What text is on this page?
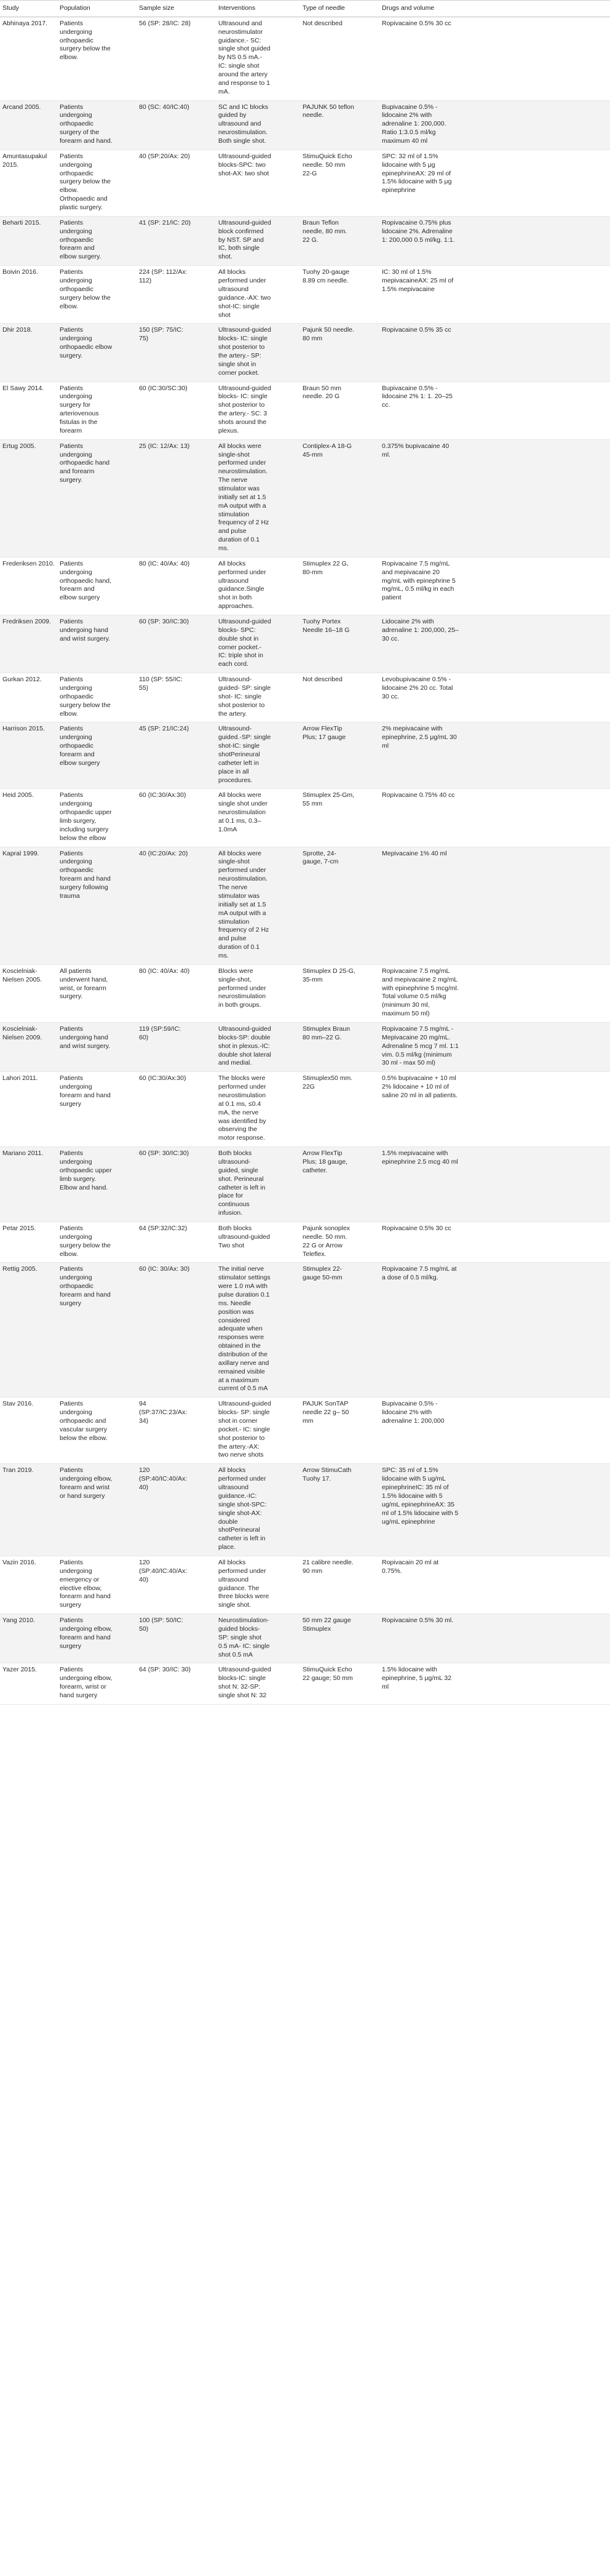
Study	Population	Sample size	Interventions	Type of needle	Drugs and volume

Abhinaya 2017.	Patients undergoing orthopaedic surgery below the elbow.	56 (SP: 28/IC: 28)	Ultrasound and neurostimulator guidance.- SC: single shot guided by NS 0.5 mA.- IC: single shot around the artery and response to 1 mA.	Not described	Ropivacaine 0.5% 30 cc

Arcand 2005.	Patients undergoing orthopaedic surgery of the forearm and hand.	80 (SC: 40/IC:40)	SC and IC blocks guided by ultrasound and neurostimulation. Both single shot.	PAJUNK 50 teflon needle.	Bupivacaine 0.5% - lidocaine 2% with adrenaline 1: 200,000. Ratio 1:3.0.5 ml/kg maximum 40 ml

Amuntasupakul 2015.	Patients undergoing orthopaedic surgery below the elbow. Orthopaedic and plastic surgery.	40 (SP:20/Ax: 20)	Ultrasound-guided blocks-SPC: two shot-AX: two shot	StimuQuick Echo needle. 50 mm 22-G	SPC: 32 ml of 1.5% lidocaine with 5 μg epinephrineAX: 29 ml of 1.5% lidocaine with 5 μg epinephrine

Beharti 2015.	Patients undergoing orthopaedic forearm and elbow surgery.	41 (SP: 21/IC: 20)	Ultrasound-guided block confirmed by NST. SP and IC, both single shot.	Braun Teflon needle, 80 mm. 22 G.	Ropivacaine 0.75% plus lidocaine 2%. Adrenaline 1: 200,000 0.5 ml/kg. 1:1.

Boivin 2016.	Patients undergoing orthopaedic surgery below the elbow.	224 (SP: 112/Ax: 112)	All blocks performed under ultrasound guidance.-AX: two shot-IC: single shot	Tuohy 20-gauge 8.89 cm needle.	IC: 30 ml of 1.5% mepivacaineAX: 25 ml of 1.5% mepivacaine

Dhir 2018.	Patients undergoing orthopaedic elbow surgery.	150 (SP: 75/IC: 75)	Ultrasound-guided blocks- IC: single shot posterior to the artery.- SP: single shot in corner pocket.	Pajunk 50 needle. 80 mm	Ropivacaine 0.5% 35 cc

El Sawy 2014.	Patients undergoing surgery for arteriovenous fistulas in the forearm	60 (IC:30/SC:30)	Ultrasound-guided blocks- IC: single shot posterior to the artery.- SC: 3 shots around the plexus.	Braun 50 mm needle. 20 G	Bupivacaine 0.5% - lidocaine 2% 1: 1. 20–25 cc.

Ertug 2005.	Patients undergoing orthopaedic hand and forearm surgery.	25 (IC: 12/Ax: 13)	All blocks were single-shot performed under neurostimulation. The nerve stimulator was initially set at 1.5 mA output with a stimulation frequency of 2 Hz and pulse duration of 0.1 ms.	Contiplex-A 18-G 45-mm	0.375% bupivacaine 40 ml.

Frederiksen 2010.	Patients undergoing orthopaedic hand, forearm and elbow surgery	80 (IC: 40/Ax: 40)	All blocks performed under ultrasound guidance.Single shot in both approaches.	Stimuplex 22 G, 80-mm	Ropivacaine 7.5 mg/mL and mepivacaine 20 mg/mL with epinephrine 5 mg/mL, 0.5 ml/kg in each patient

Fredriksen 2009.	Patients undergoing hand and wrist surgery.	60 (SP: 30/IC:30)	Ultrasound-guided blocks- SPC: double shot in corner pocket.- IC: triple shot in each cord.	Tuohy Portex Needle 16–18 G	Lidocaine 2% with adrenaline 1: 200,000, 25–30 cc.

Gurkan 2012.	Patients undergoing orthopaedic surgery below the elbow.	110 (SP: 55/IC: 55)	Ultrasound-guided- SP: single shot- IC: single shot posterior to the artery.	Not described	Levobupivacaine 0.5% - lidocaine 2% 20 cc. Total 30 cc.

Harrison 2015.	Patients undergoing orthopaedic forearm and elbow surgery	45 (SP: 21/IC:24)	Ultrasound-guided.-SP: single shot-IC: single shotPerineural catheter left in place in all procedures.	Arrow FlexTip Plus; 17 gauge	2% mepivacaine with epinephrine, 2.5 μg/mL 30 ml

Heid 2005.	Patients undergoing orthopaedic upper limb surgery, including surgery below the elbow	60 (IC:30/Ax:30)	All blocks were single shot under neurostimulation at 0.1 ms, 0.3–1.0mA	Stimuplex 25-Gm, 55 mm	Ropivacaine 0.75% 40 cc

Kapral 1999.	Patients undergoing orthopaedic forearm and hand surgery following trauma	40 (IC:20/Ax: 20)	All blocks were single-shot performed under neurostimulation. The nerve stimulator was initially set at 1.5 mA output with a stimulation frequency of 2 Hz and pulse duration of 0.1 ms.	Sprotte, 24-gauge, 7-cm	Mepivacaine 1% 40 ml

Koscielniak-Nielsen 2005.	All patients underwent hand, wrist, or forearm surgery.	80 (IC: 40/Ax: 40)	Blocks were single-shot, performed under neurostimulation in both groups.	Stimuplex D 25-G, 35-mm	Ropivacaine 7.5 mg/mL and mepivacaine 2 mg/mL with epinephrine 5 mcg/ml. Total volume 0.5 ml/kg (minimum 30 ml, maximum 50 ml)

Koscielniak-Nielsen 2009.	Patients undergoing hand and wrist surgery.	119 (SP:59/IC: 60)	Ultrasound-guided blocks-SP: double shot in plexus.-IC: double shot lateral and medial.	Stimuplex Braun 80 mm–22 G.	Ropivacaine 7.5 mg/mL - Mepivacaine 20 mg/mL. Adrenaline 5 mcg 7 ml. 1:1 vim. 0.5 ml/kg (minimum 30 ml - max 50 ml)

Lahori 2011.	Patients undergoing forearm and hand surgery	60 (IC:30/Ax:30)	The blocks were performed under neurostimulation at 0.1 ms, ≤0.4 mA, the nerve was identified by observing the motor response.	Stimuplex50 mm. 22G	0.5% bupivacaine + 10 ml 2% lidocaine + 10 ml of saline 20 ml in all patients.

Mariano 2011.	Patients undergoing orthopaedic upper limb surgery. Elbow and hand.	60 (SP: 30/IC:30)	Both blocks ultrasound-guided, single shot. Perineural catheter is left in place for continuous infusion.	Arrow FlexTip Plus; 18 gauge, catheter.	1.5% mepivacaine with epinephrine 2.5 mcg 40 ml

Petar 2015.	Patients undergoing surgery below the elbow.	64 (SP:32/IC:32)	Both blocks ultrasound-guided Two shot	Pajunk sonoplex needle. 50 mm. 22 G or Arrow Teleflex.	Ropivacaine 0.5% 30 cc

Rettig 2005.	Patients undergoing orthopaedic forearm and hand surgery	60 (IC: 30/Ax: 30)	The initial nerve stimulator settings were 1.0 mA with pulse duration 0.1 ms. Needle position was considered adequate when responses were obtained in the distribution of the axillary nerve and remained visible at a maximum current of 0.5 mA	Stimuplex 22-gauge 50-mm	Ropivacaine 7.5 mg/mL at a dose of 0.5 ml/kg.

Stav 2016.	Patients undergoing orthopaedic and vascular surgery below the elbow.	94 (SP:37/IC:23/Ax: 34)	Ultrasound-guided blocks- SP: single shot in corner pocket.- IC: single shot posterior to the artery.-AX: two nerve shots	PAJUK SonTAP needle 22 g– 50 mm	Bupivacaine 0.5% - lidocaine 2% with adrenaline 1: 200,000

Tran 2019.	Patients undergoing elbow, forearm and wrist or hand surgery	120 (SP:40/IC:40/Ax: 40)	All blocks performed under ultrasound guidance.-IC: single shot-SPC: single shot-AX: double shotPerineural catheter is left in place.	Arrow StimuCath Tuohy 17.	SPC: 35 ml of 1.5% lidocaine with 5 ug/mL epinephrineIC: 35 ml of 1.5% lidocaine with 5 ug/mL epinephrineAX: 35 ml of 1.5% lidocaine with 5 ug/mL epinephrine

Vazin 2016.	Patients undergoing emergency or elective elbow, forearm and hand surgery	120 (SP:40/IC:40/Ax: 40)	All blocks performed under ultrasound guidance. The three blocks were single shot.	21 calibre needle. 90 mm	Ropivacain 20 ml at 0.75%.

Yang 2010.	Patients undergoing elbow, forearm and hand surgery	100 (SP: 50/IC: 50)	Neurostimulation-guided blocks- SP: single shot 0.5 mA- IC: single shot 0.5 mA	50 mm 22 gauge Stimuplex	Ropivacaine 0.5% 30 ml.

Yazer 2015.	Patients undergoing elbow, forearm, wrist or hand surgery	64 (SP: 30/IC: 30)	Ultrasound-guided blocks-IC: single shot N: 32-SP: single shot N: 32	StimuQuick Echo 22 gauge; 50 mm	1.5% lidocaine with epinephrine, 5 μg/mL 32 ml
